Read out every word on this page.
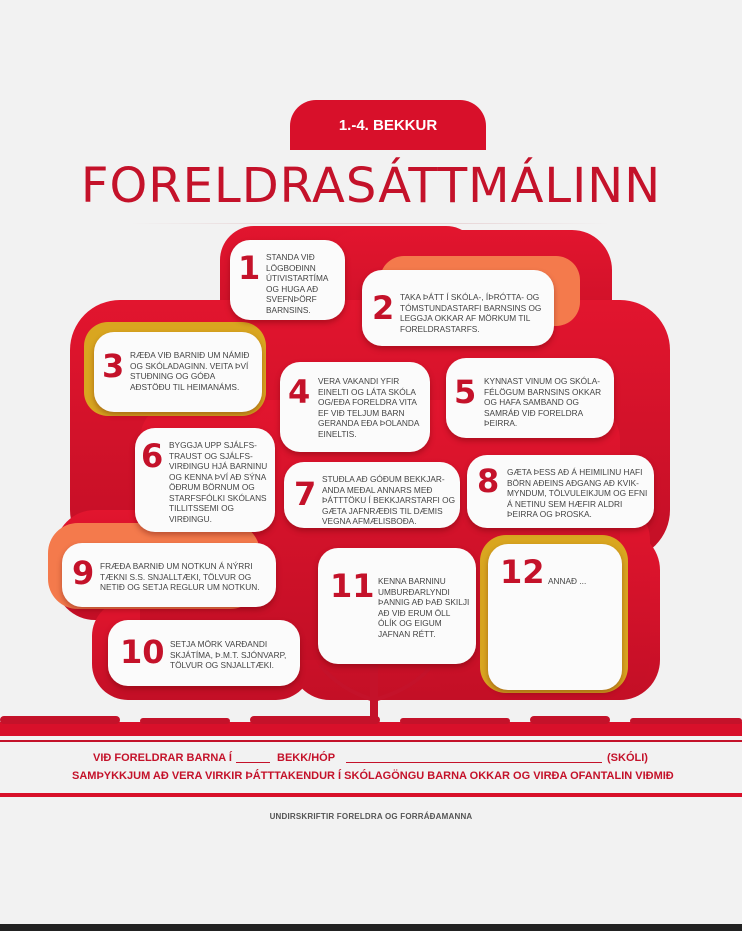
1.-4. BEKKUR
FORELDRASÁTTMÁLINN
1 STANDA VIÐ LÖGBOÐINN ÚTIVISTARTÍMA OG HUGA AÐ SVEFNÞÖRF BARNSINS.	2 TAKA ÞÁTT Í SKÓLA-, ÍÞRÓTTA- OG TÓMSTUNDASTARFI BARNSINS OG LEGGJA OKKAR AF MÖRKUM TIL FORELDRASTARFS.
3 RÆÐA VIÐ BARNIÐ UM NÁMIÐ OG SKÓLADAGINN. VEITA ÞVÍ STUÐNING OG GÓÐA AÐSTÖÐU TIL HEIMANÁMS.	4 VERA VAKANDI YFIR EINELTI OG LÁTA SKÓLA OG/EÐA FORELDRA VITA EF VIÐ TELJUM BARN GERANDA EÐA ÞOLANDA EINELTIS.
5 KYNNAST VINUM OG SKÓLA-FÉLÖGUM BARNSINS OKKAR OG HAFA SAMBAND OG SAMRÁÐ VIÐ FORELDRA ÞEIRRA.
6 BYGGJA UPP SJÁLFS-TRAUST OG SJÁLFS-VIRÐINGU HJÁ BARNINU OG KENNA ÞVÍ AÐ SÝNA ÖÐRUM BÖRNUM OG STARFSFÓLKI SKÓLANS TILLITSSEMI OG VIRÐINGU.
7 STUÐLA AÐ GÓÐUM BEKKJAR-ANDA MEÐAL ANNARS MEÐ ÞÁTTTÖKU Í BEKKJARSTARFI OG GÆTA JAFNRÆÐIS TIL DÆMIS VEGNA AFMÆLISBOÐA.
8 GÆTA ÞESS AÐ Á HEIMILINU HAFI BÖRN AÐEINS AÐGANG AÐ KVIK-MYNDUM, TÖLVULEIKJUM OG EFNI Á NETINU SEM HÆFIR ALDRI ÞEIRRA OG ÞROSKA.
9 FRÆÐA BARNIÐ UM NOTKUN Á NÝRRI TÆKNI S.S. SNJALLTÆKI, TÖLVUR OG NETIÐ OG SETJA REGLUR UM NOTKUN.
10 SETJA MÖRK VARÐANDI SKJÁTÍMA, Þ.M.T. SJÓNVARP, TÖLVUR OG SNJALLTÆKI.
11 KENNA BARNINU UMBURÐARLYNDI ÞANNIG AÐ ÞAÐ SKILJI AÐ VIÐ ERUM ÖLL ÓLÍK OG EIGUM JAFNAN RÉTT.
12 ANNAÐ ...
VIÐ FORELDRAR BARNA Í	BEKK/HÓP	(SKÓLI)
SAMÞYKKJUM AÐ VERA VIRKIR ÞÁTTTAKENDUR Í SKÓLAGÖNGU BARNA OKKAR OG VIRÐA OFANTALIN VIÐMIÐ
UNDIRSKRIFTIR FORELDRA OG FORRÁÐAMANNA
